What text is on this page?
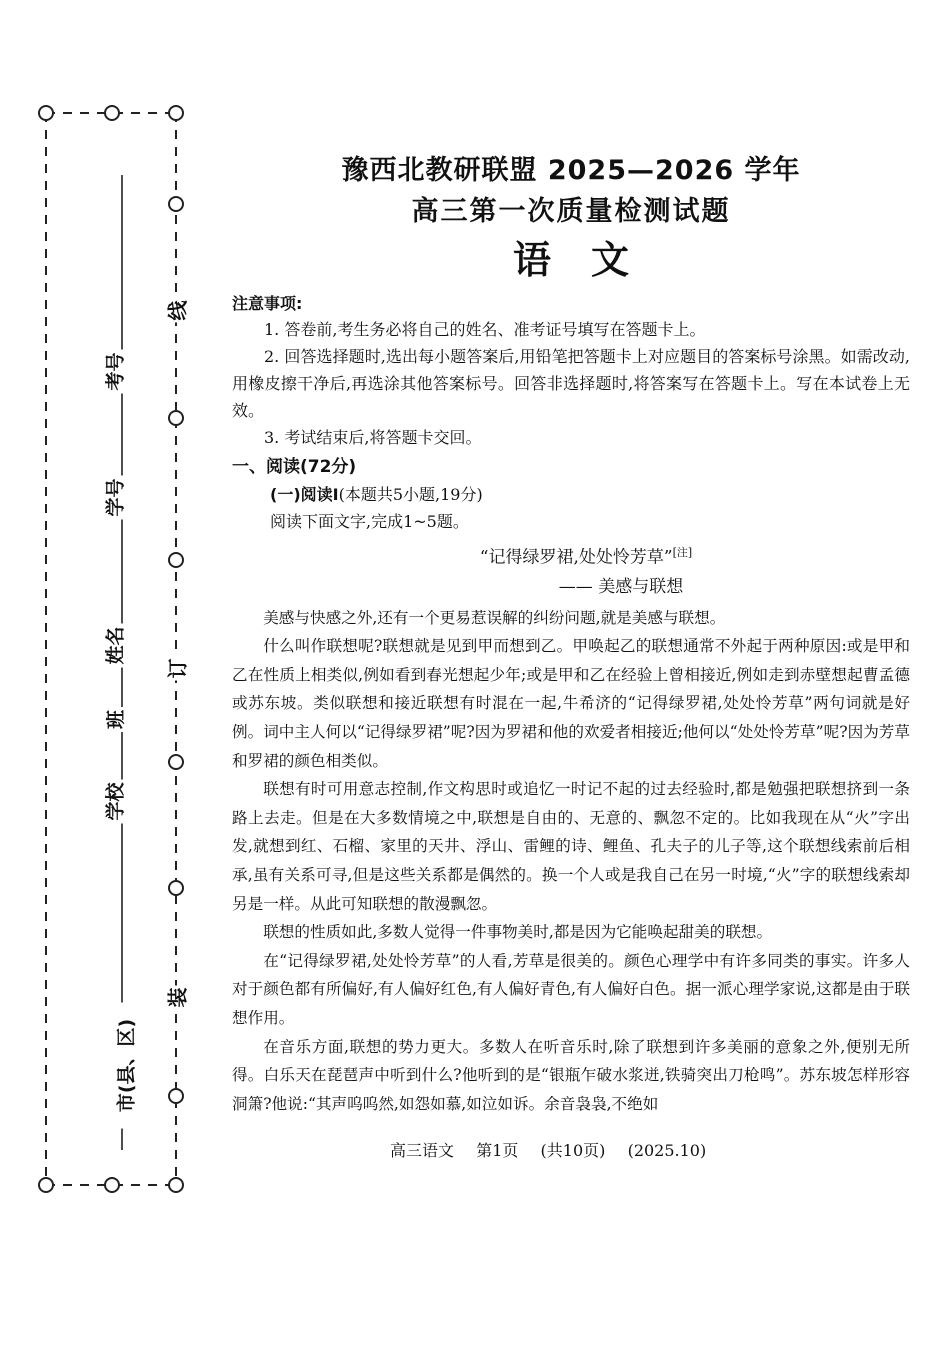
市(县、区)
学校
班
姓名
学号
考号
装
订
线
豫西北教研联盟 2025—2026 学年
高三第一次质量检测试题
语文
注意事项:

1. 答卷前,考生务必将自己的姓名、准考证号填写在答题卡上。

2. 回答选择题时,选出每小题答案后,用铅笔把答题卡上对应题目的答案标号涂黑。如需改动,用橡皮擦干净后,再选涂其他答案标号。回答非选择题时,将答案写在答题卡上。写在本试卷上无效。

3. 考试结束后,将答题卡交回。

一、阅读(72分)
(一)阅读Ⅰ(本题共5小题,19分)
阅读下面文字,完成1~5题。
“记得绿罗裙,处处怜芳草”[注]
—— 美感与联想

美感与快感之外,还有一个更易惹误解的纠纷问题,就是美感与联想。

什么叫作联想呢?联想就是见到甲而想到乙。甲唤起乙的联想通常不外起于两种原因:或是甲和乙在性质上相类似,例如看到春光想起少年;或是甲和乙在经验上曾相接近,例如走到赤壁想起曹孟德或苏东坡。类似联想和接近联想有时混在一起,牛希济的“记得绿罗裙,处处怜芳草”两句词就是好例。词中主人何以“记得绿罗裙”呢?因为罗裙和他的欢爱者相接近;他何以“处处怜芳草”呢?因为芳草和罗裙的颜色相类似。

联想有时可用意志控制,作文构思时或追忆一时记不起的过去经验时,都是勉强把联想挤到一条路上去走。但是在大多数情境之中,联想是自由的、无意的、飘忽不定的。比如我现在从“火”字出发,就想到红、石榴、家里的天井、浮山、雷鲤的诗、鲤鱼、孔夫子的儿子等,这个联想线索前后相承,虽有关系可寻,但是这些关系都是偶然的。换一个人或是我自己在另一时境,“火”字的联想线索却另是一样。从此可知联想的散漫飘忽。

联想的性质如此,多数人觉得一件事物美时,都是因为它能唤起甜美的联想。

在“记得绿罗裙,处处怜芳草”的人看,芳草是很美的。颜色心理学中有许多同类的事实。许多人对于颜色都有所偏好,有人偏好红色,有人偏好青色,有人偏好白色。据一派心理学家说,这都是由于联想作用。

在音乐方面,联想的势力更大。多数人在听音乐时,除了联想到许多美丽的意象之外,便别无所得。白乐天在琵琶声中听到什么?他听到的是“银瓶乍破水浆迸,铁骑突出刀枪鸣”。苏东坡怎样形容洞箫?他说:“其声呜呜然,如怨如慕,如泣如诉。余音袅袅,不绝如

高三语文 第1页 (共10页) (2025.10)
